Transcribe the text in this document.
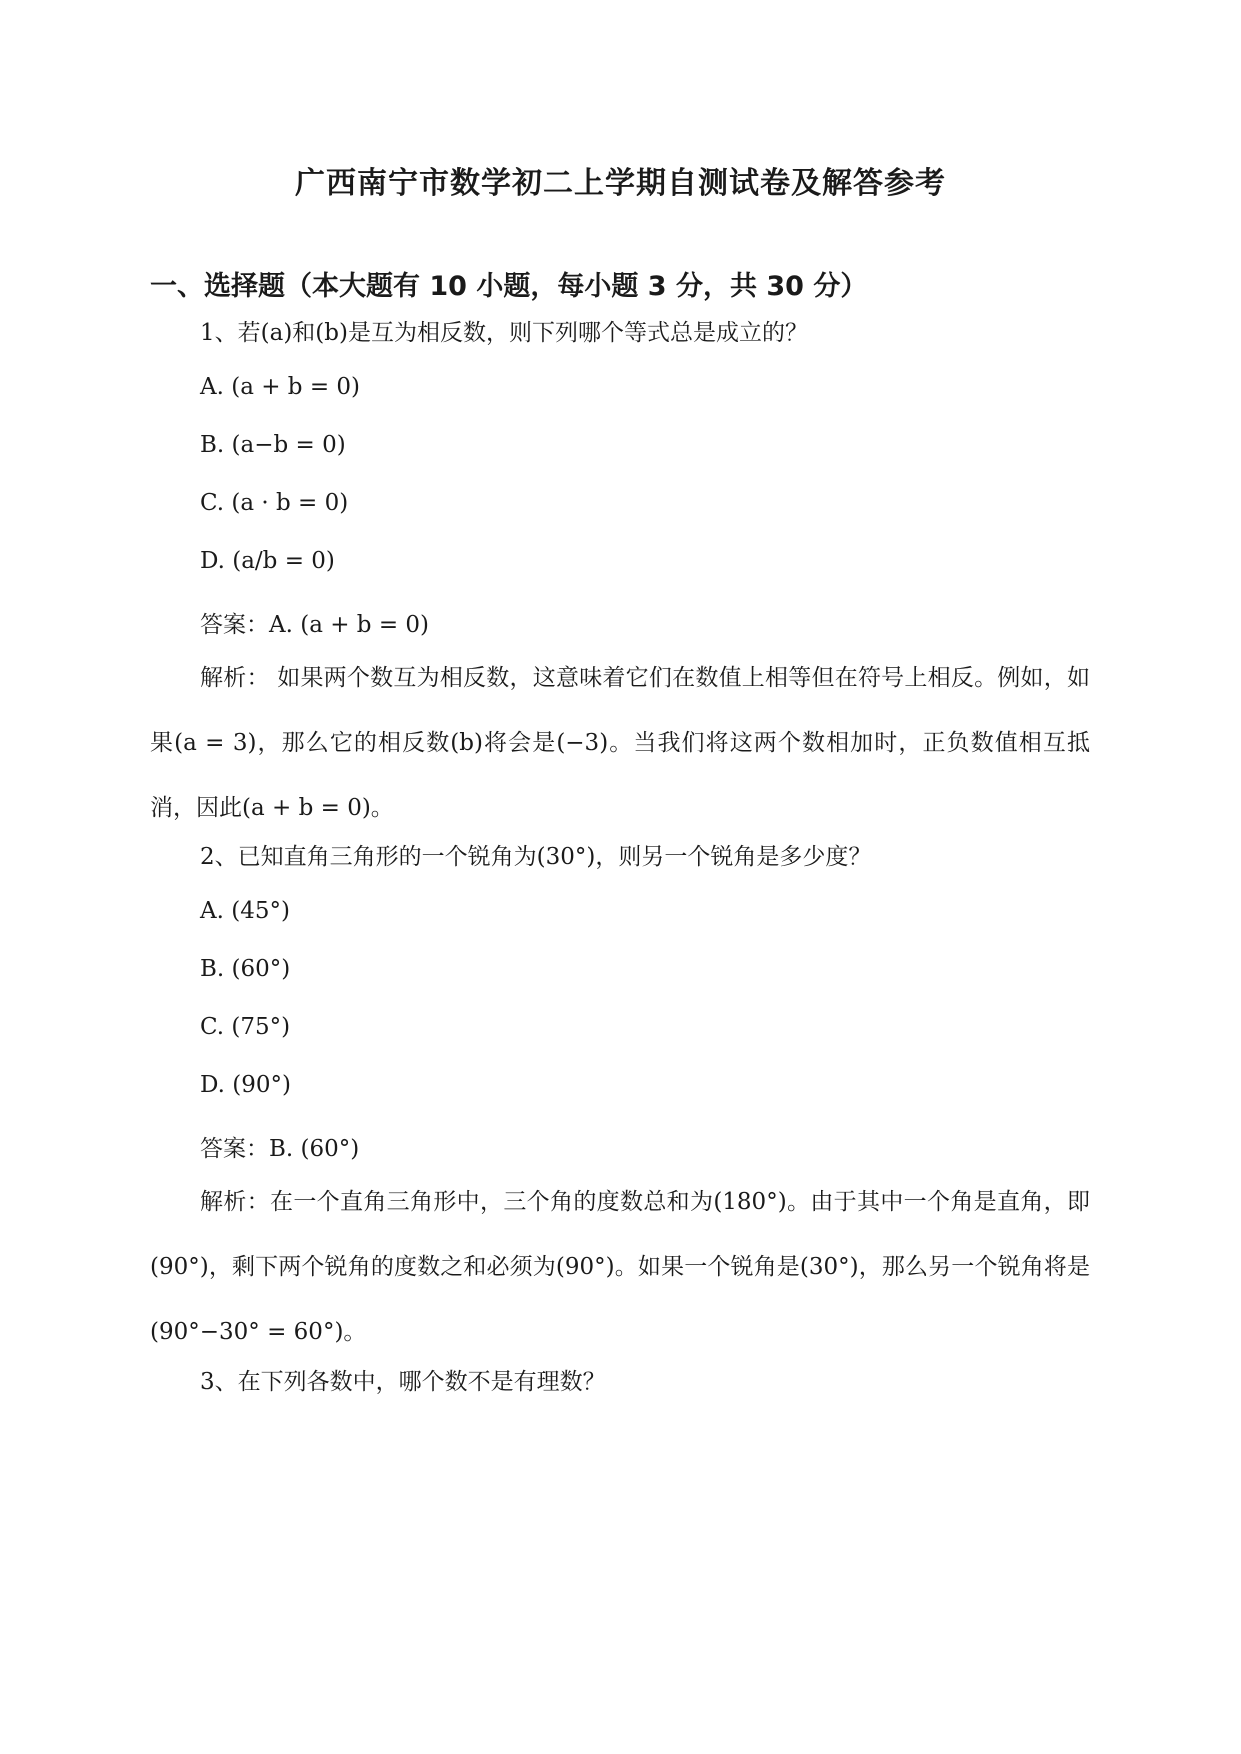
广西南宁市数学初二上学期自测试卷及解答参考
一、选择题（本大题有 10 小题，每小题 3 分，共 30 分）
1、若(a)和(b)是互为相反数，则下列哪个等式总是成立的？
A. (a + b = 0)
B. (a−b = 0)
C. (a · b = 0)
D. (a/b = 0)
答案：A. (a + b = 0)
解析： 如果两个数互为相反数，这意味着它们在数值上相等但在符号上相反。例如，如果(a = 3)，那么它的相反数(b)将会是(−3)。当我们将这两个数相加时，正负数值相互抵消，因此(a + b = 0)。
2、已知直角三角形的一个锐角为(30°)，则另一个锐角是多少度？
A. (45°)
B. (60°)
C. (75°)
D. (90°)
答案：B. (60°)
解析：在一个直角三角形中，三个角的度数总和为(180°)。由于其中一个角是直角，即(90°)，剩下两个锐角的度数之和必须为(90°)。如果一个锐角是(30°)，那么另一个锐角将是(90°−30° = 60°)。
3、在下列各数中，哪个数不是有理数？
